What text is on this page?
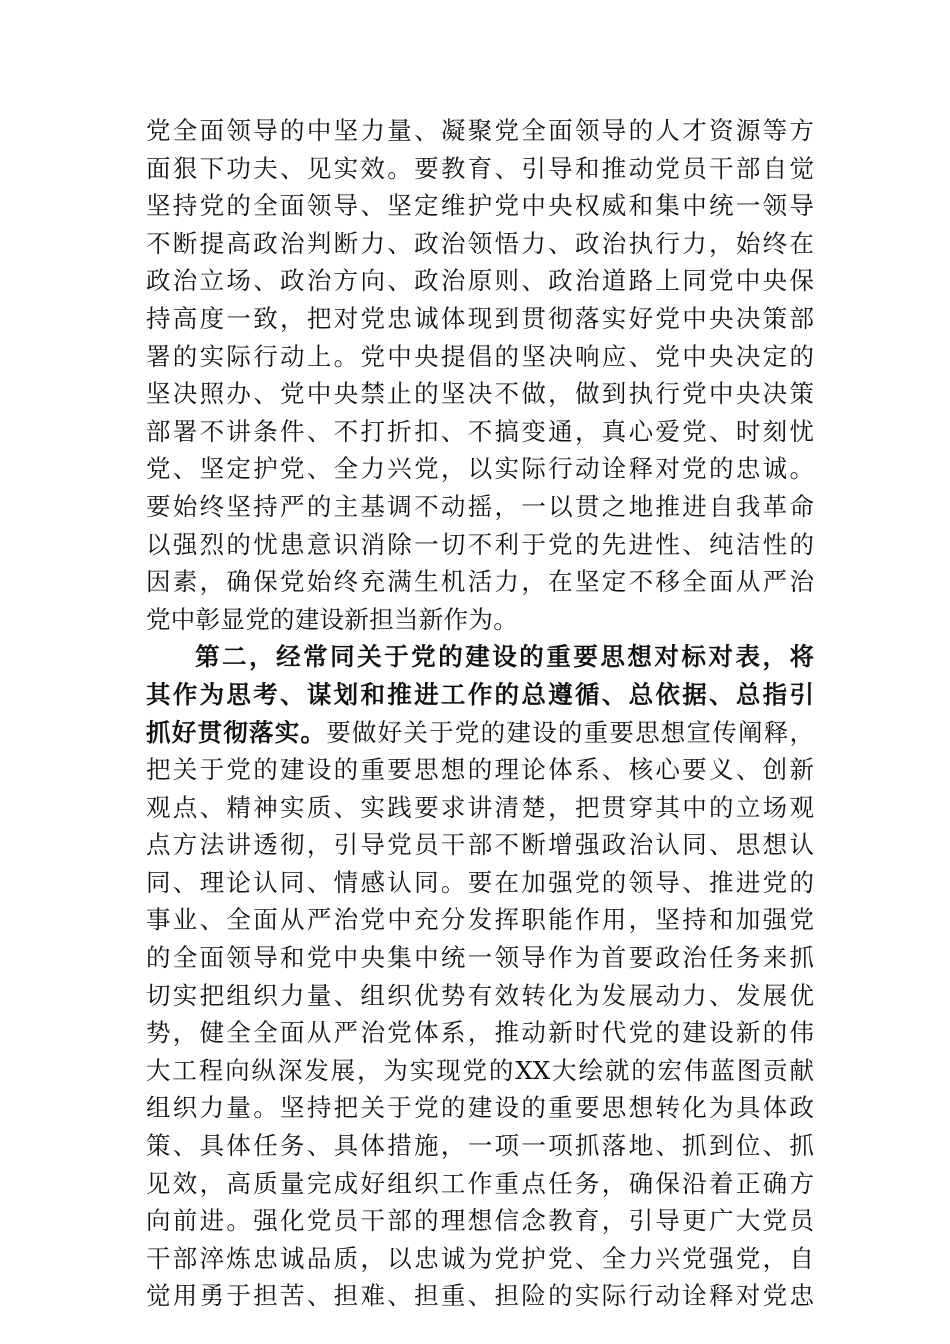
党全面领导的中坚力量、凝聚党全面领导的人才资源等方
面狠下功夫、见实效。要教育、引导和推动党员干部自觉
坚持党的全面领导、坚定维护党中央权威和集中统一领导
不断提高政治判断力、政治领悟力、政治执行力，始终在
政治立场、政治方向、政治原则、政治道路上同党中央保
持高度一致，把对党忠诚体现到贯彻落实好党中央决策部
署的实际行动上。党中央提倡的坚决响应、党中央决定的
坚决照办、党中央禁止的坚决不做，做到执行党中央决策
部署不讲条件、不打折扣、不搞变通，真心爱党、时刻忧
党、坚定护党、全力兴党，以实际行动诠释对党的忠诚。
要始终坚持严的主基调不动摇，一以贯之地推进自我革命
以强烈的忧患意识消除一切不利于党的先进性、纯洁性的
因素，确保党始终充满生机活力，在坚定不移全面从严治
党中彰显党的建设新担当新作为。
第二，经常同关于党的建设的重要思想对标对表，将
其作为思考、谋划和推进工作的总遵循、总依据、总指引
抓好贯彻落实。要做好关于党的建设的重要思想宣传阐释，
把关于党的建设的重要思想的理论体系、核心要义、创新
观点、精神实质、实践要求讲清楚，把贯穿其中的立场观
点方法讲透彻，引导党员干部不断增强政治认同、思想认
同、理论认同、情感认同。要在加强党的领导、推进党的
事业、全面从严治党中充分发挥职能作用，坚持和加强党
的全面领导和党中央集中统一领导作为首要政治任务来抓
切实把组织力量、组织优势有效转化为发展动力、发展优
势，健全全面从严治党体系，推动新时代党的建设新的伟
大工程向纵深发展，为实现党的XX大绘就的宏伟蓝图贡献
组织力量。坚持把关于党的建设的重要思想转化为具体政
策、具体任务、具体措施，一项一项抓落地、抓到位、抓
见效，高质量完成好组织工作重点任务，确保沿着正确方
向前进。强化党员干部的理想信念教育，引导更广大党员
干部淬炼忠诚品质，以忠诚为党护党、全力兴党强党，自
觉用勇于担苦、担难、担重、担险的实际行动诠释对党忠
